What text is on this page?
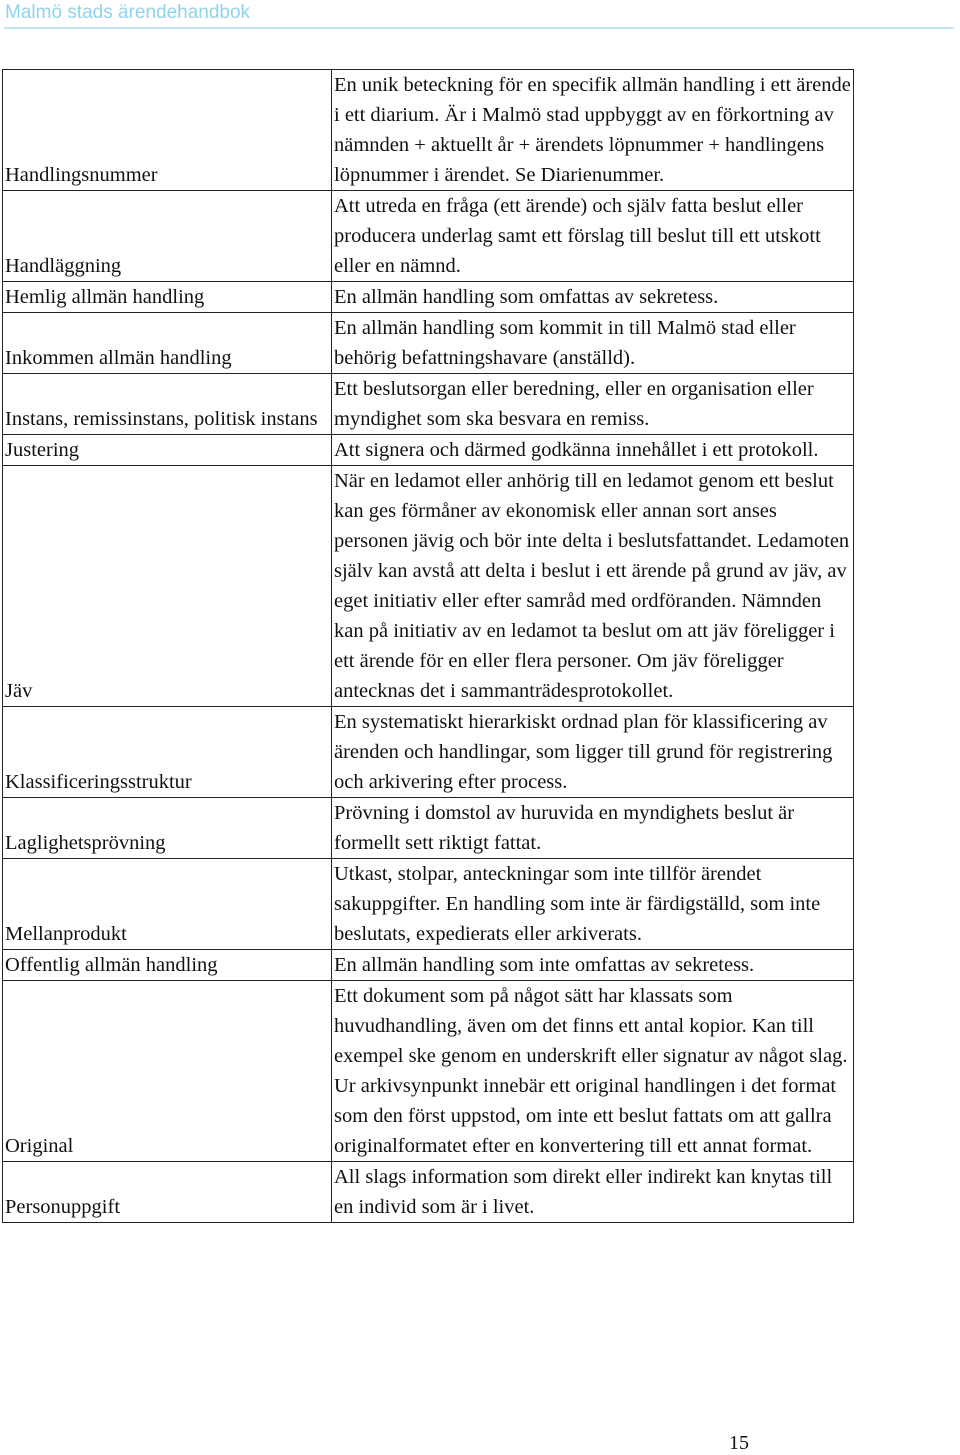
Malmö stads ärendehandbok
Handlingsnummer	En unik beteckning för en specifik allmän handling i ett ärende i ett diarium. Är i Malmö stad uppbyggt av en förkortning av nämnden + aktuellt år + ärendets löpnummer + handlingens löpnummer i ärendet. Se Diarienummer.
Handläggning	Att utreda en fråga (ett ärende) och själv fatta beslut eller producera underlag samt ett förslag till beslut till ett utskott eller en nämnd.
Hemlig allmän handling	En allmän handling som omfattas av sekretess.
Inkommen allmän handling	En allmän handling som kommit in till Malmö stad eller behörig befattningshavare (anställd).
Instans, remissinstans, politisk instans	Ett beslutsorgan eller beredning, eller en organisation eller myndighet som ska besvara en remiss.
Justering	Att signera och därmed godkänna innehållet i ett protokoll.
Jäv	När en ledamot eller anhörig till en ledamot genom ett beslut kan ges förmåner av ekonomisk eller annan sort anses personen jävig och bör inte delta i beslutsfattandet. Ledamoten själv kan avstå att delta i beslut i ett ärende på grund av jäv, av eget initiativ eller efter samråd med ordföranden. Nämnden kan på initiativ av en ledamot ta beslut om att jäv föreligger i ett ärende för en eller flera personer. Om jäv föreligger antecknas det i sammanträdesprotokollet.
Klassificeringsstruktur	En systematiskt hierarkiskt ordnad plan för klassificering av ärenden och handlingar, som ligger till grund för registrering och arkivering efter process.
Laglighetsprövning	Prövning i domstol av huruvida en myndighets beslut är formellt sett riktigt fattat.
Mellanprodukt	Utkast, stolpar, anteckningar som inte tillför ärendet sakuppgifter. En handling som inte är färdigställd, som inte beslutats, expedierats eller arkiverats.
Offentlig allmän handling	En allmän handling som inte omfattas av sekretess.
Original	Ett dokument som på något sätt har klassats som huvudhandling, även om det finns ett antal kopior. Kan till exempel ske genom en underskrift eller signatur av något slag. Ur arkivsynpunkt innebär ett original handlingen i det format som den först uppstod, om inte ett beslut fattats om att gallra originalformatet efter en konvertering till ett annat format.
Personuppgift	All slags information som direkt eller indirekt kan knytas till en individ som är i livet.
15
